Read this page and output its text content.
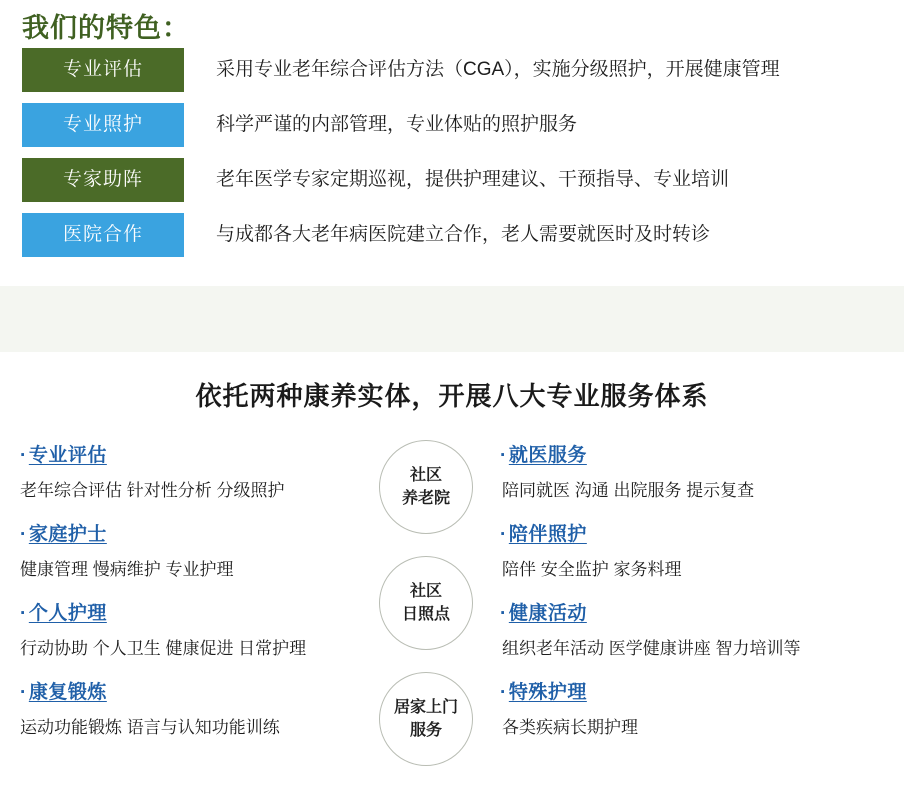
我们的特色：
专业评估	采用专业老年综合评估方法（CGA），实施分级照护，开展健康管理
专业照护	科学严谨的内部管理，专业体贴的照护服务
专家助阵	老年医学专家定期巡视，提供护理建议、干预指导、专业培训
医院合作	与成都各大老年病医院建立合作，老人需要就医时及时转诊
依托两种康养实体，开展八大专业服务体系
社区
养老院
社区
日照点
居家上门
服务
· 专业评估
老年综合评估 针对性分析 分级照护
· 家庭护士
健康管理 慢病维护 专业护理
· 个人护理
行动协助 个人卫生 健康促进 日常护理
· 康复锻炼
运动功能锻炼 语言与认知功能训练
· 就医服务
陪同就医 沟通 出院服务 提示复查
· 陪伴照护
陪伴 安全监护 家务料理
· 健康活动
组织老年活动 医学健康讲座 智力培训等
· 特殊护理
各类疾病长期护理
